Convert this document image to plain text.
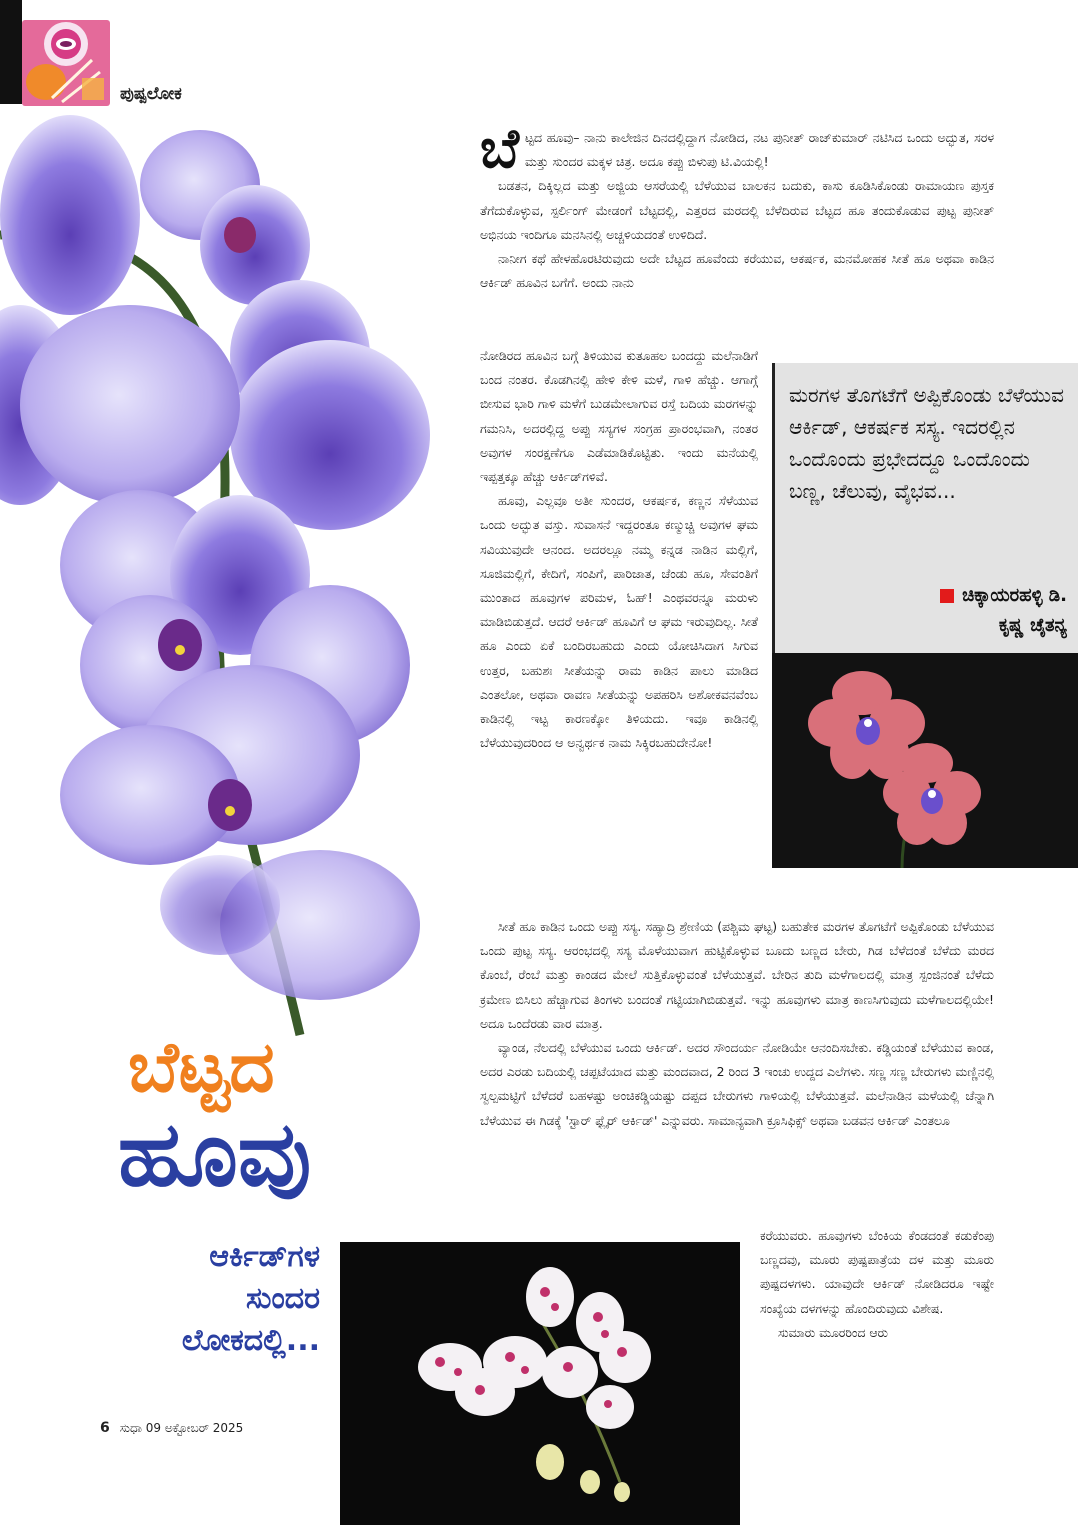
ಪುಷ್ಪಲೋಕ
ಬೆಟ್ಟದ
ಹೂವು
ಆರ್ಕಿಡ್‌ಗಳ
ಸುಂದರ
ಲೋಕದಲ್ಲಿ...

ಬೆಟ್ಟದ ಹೂವು– ನಾನು ಕಾಲೇಜಿನ ದಿನದಲ್ಲಿದ್ದಾಗ ನೋಡಿದ, ನಟ ಪುನೀತ್ ರಾಜ್‌ಕುಮಾರ್ ನಟಿಸಿದ ಒಂದು ಅದ್ಭುತ, ಸರಳ ಮತ್ತು ಸುಂದರ ಮಕ್ಕಳ ಚಿತ್ರ. ಅದೂ ಕಪ್ಪು ಬಿಳುಪು ಟಿ.ವಿಯಲ್ಲಿ!

ಬಡತನ, ದಿಕ್ಕಿಲ್ಲದ ಮತ್ತು ಅಜ್ಜಿಯ ಆಸರೆಯಲ್ಲಿ ಬೆಳೆಯುವ ಬಾಲಕನ ಬದುಕು, ಕಾಸು ಕೂಡಿಸಿಕೊಂಡು ರಾಮಾಯಣ ಪುಸ್ತಕ ತೆಗೆದುಕೊಳ್ಳುವ, ಸ್ಪರ್ಲಿಂಗ್ ಮೇಡಂಗೆ ಬೆಟ್ಟದಲ್ಲಿ, ಎತ್ತರದ ಮರದಲ್ಲಿ ಬೆಳೆದಿರುವ ಬೆಟ್ಟದ ಹೂ ತಂದುಕೊಡುವ ಪುಟ್ಟ ಪುನೀತ್ ಅಭಿನಯ ಇಂದಿಗೂ ಮನಸಿನಲ್ಲಿ ಅಚ್ಚಳಿಯದಂತೆ ಉಳಿದಿದೆ.

ನಾನೀಗ ಕಥೆ ಹೇಳಹೊರಟಿರುವುದು ಅದೇ ಬೆಟ್ಟದ ಹೂವೆಂದು ಕರೆಯುವ, ಆಕರ್ಷಕ, ಮನಮೋಹಕ ಸೀತೆ ಹೂ ಅಥವಾ ಕಾಡಿನ ಆರ್ಕಿಡ್ ಹೂವಿನ ಬಗೆಗೆ. ಅಂದು ನಾನು

ನೋಡಿರದ ಹೂವಿನ ಬಗ್ಗೆ ತಿಳಿಯುವ ಕುತೂಹಲ ಬಂದದ್ದು ಮಲೆನಾಡಿಗೆ ಬಂದ ನಂತರ. ಕೊಡಗಿನಲ್ಲಿ ಹೇಳಿ ಕೇಳಿ ಮಳೆ, ಗಾಳಿ ಹೆಚ್ಚು. ಆಗಾಗ್ಗೆ ಬೀಸುವ ಭಾರಿ ಗಾಳಿ ಮಳೆಗೆ ಬುಡಮೇಲಾಗುವ ರಸ್ತೆ ಬದಿಯ ಮರಗಳನ್ನು ಗಮನಿಸಿ, ಅದರಲ್ಲಿದ್ದ ಅಪ್ಪು ಸಸ್ಯಗಳ ಸಂಗ್ರಹ ಪ್ರಾರಂಭವಾಗಿ, ನಂತರ ಅವುಗಳ ಸಂರಕ್ಷಣೆಗೂ ಎಡೆಮಾಡಿಕೊಟ್ಟಿತು. ಇಂದು ಮನೆಯಲ್ಲಿ ಇಪ್ಪತ್ತಕ್ಕೂ ಹೆಚ್ಚು ಆರ್ಕಿಡ್‌ಗಳಿವೆ.

ಹೂವು, ಎಲ್ಲವೂ ಅತೀ ಸುಂದರ, ಆಕರ್ಷಕ, ಕಣ್ಣನ ಸೆಳೆಯುವ ಒಂದು ಅದ್ಭುತ ವಸ್ತು. ಸುವಾಸನೆ ಇದ್ದರಂತೂ ಕಣ್ಮುಚ್ಚಿ ಅವುಗಳ ಘಮ ಸವಿಯುವುದೇ ಆನಂದ. ಅದರಲ್ಲೂ ನಮ್ಮ ಕನ್ನಡ ನಾಡಿನ ಮಲ್ಲಿಗೆ, ಸೂಜಿಮಲ್ಲಿಗೆ, ಕೇದಿಗೆ, ಸಂಪಿಗೆ, ಪಾರಿಜಾತ, ಚೆಂಡು ಹೂ, ಸೇವಂತಿಗೆ ಮುಂತಾದ ಹೂವುಗಳ ಪರಿಮಳ, ಓಹ್! ಎಂಥವರನ್ನೂ ಮರುಳು ಮಾಡಿಬಿಡುತ್ತದೆ. ಆದರೆ ಆರ್ಕಿಡ್ ಹೂವಿಗೆ ಆ ಘಮ ಇರುವುದಿಲ್ಲ. ಸೀತೆ ಹೂ ಎಂದು ಏಕೆ ಬಂದಿರಬಹುದು ಎಂದು ಯೋಚಿಸಿದಾಗ ಸಿಗುವ ಉತ್ತರ, ಬಹುಶಃ ಸೀತೆಯನ್ನು ರಾಮ ಕಾಡಿನ ಪಾಲು ಮಾಡಿದ ಎಂತಲೋ, ಅಥವಾ ರಾವಣ ಸೀತೆಯನ್ನು ಅಪಹರಿಸಿ ಅಶೋಕವನವೆಂಬ ಕಾಡಿನಲ್ಲಿ ಇಟ್ಟ ಕಾರಣಕ್ಕೋ ತಿಳಿಯದು. ಇವೂ ಕಾಡಿನಲ್ಲಿ ಬೆಳೆಯುವುದರಿಂದ ಆ ಅನ್ವರ್ಥಕ ನಾಮ ಸಿಕ್ಕಿರಬಹುದೇನೋ!

ಸೀತೆ ಹೂ ಕಾಡಿನ ಒಂದು ಅಪ್ಪು ಸಸ್ಯ. ಸಹ್ಯಾದ್ರಿ ಶ್ರೇಣಿಯ (ಪಶ್ಚಿಮ ಘಟ್ಟ) ಬಹುತೇಕ ಮರಗಳ ತೊಗಟೆಗೆ ಅಪ್ಪಿಕೊಂಡು ಬೆಳೆಯುವ ಒಂದು ಪುಟ್ಟ ಸಸ್ಯ. ಆರಂಭದಲ್ಲಿ ಸಸ್ಯ ಮೊಳೆಯುವಾಗ ಹುಟ್ಟಿಕೊಳ್ಳುವ ಬೂದು ಬಣ್ಣದ ಬೇರು, ಗಿಡ ಬೆಳೆದಂತೆ ಬೆಳೆದು ಮರದ ಕೊಂಬೆ, ರೆಂಬೆ ಮತ್ತು ಕಾಂಡದ ಮೇಲೆ ಸುತ್ತಿಕೊಳ್ಳುವಂತೆ ಬೆಳೆಯುತ್ತವೆ. ಬೇರಿನ ತುದಿ ಮಳೆಗಾಲದಲ್ಲಿ ಮಾತ್ರ ಸ್ಪಂಜಿನಂತೆ ಬೆಳೆದು ಕ್ರಮೇಣ ಬಿಸಿಲು ಹೆಚ್ಚಾಗುವ ತಿಂಗಳು ಬಂದಂತೆ ಗಟ್ಟಿಯಾಗಿಬಿಡುತ್ತವೆ. ಇನ್ನು ಹೂವುಗಳು ಮಾತ್ರ ಕಾಣಸಿಗುವುದು ಮಳೆಗಾಲದಲ್ಲಿಯೇ! ಅದೂ ಒಂದೆರಡು ವಾರ ಮಾತ್ರ.

ವ್ಯಾಂಡ, ನೆಲದಲ್ಲಿ ಬೆಳೆಯುವ ಒಂದು ಆರ್ಕಿಡ್. ಅದರ ಸೌಂದರ್ಯ ನೋಡಿಯೇ ಆನಂದಿಸಬೇಕು. ಕಡ್ಡಿಯಂತೆ ಬೆಳೆಯುವ ಕಾಂಡ, ಅದರ ಎರಡು ಬದಿಯಲ್ಲಿ ಚಪ್ಪಟೆಯಾದ ಮತ್ತು ಮಂದವಾದ, 2 ರಿಂದ 3 ಇಂಚು ಉದ್ದದ ಎಲೆಗಳು. ಸಣ್ಣ ಸಣ್ಣ ಬೇರುಗಳು ಮಣ್ಣಿನಲ್ಲಿ ಸ್ವಲ್ಪಮಟ್ಟಿಗೆ ಬೆಳೆದರೆ ಬಹಳಷ್ಟು ಅಂಚಿಕಡ್ಡಿಯಷ್ಟು ದಪ್ಪದ ಬೇರುಗಳು ಗಾಳಿಯಲ್ಲಿ ಬೆಳೆಯುತ್ತವೆ. ಮಲೆನಾಡಿನ ಮಳೆಯಲ್ಲಿ ಚೆನ್ನಾಗಿ ಬೆಳೆಯುವ ಈ ಗಿಡಕ್ಕೆ 'ಸ್ಟಾರ್ ಫ್ಲೈರ್ ಆರ್ಕಿಡ್' ಎನ್ನುವರು. ಸಾಮಾನ್ಯವಾಗಿ ಕ್ರೂಸಿಫಿಕ್ಸ್ ಅಥವಾ ಬಡವನ ಆರ್ಕಿಡ್ ಎಂತಲೂ

ಕರೆಯುವರು. ಹೂವುಗಳು ಬೆಂಕಿಯ ಕೆಂಡದಂತೆ ಕಡುಕೆಂಪು ಬಣ್ಣದವು, ಮೂರು ಪುಷ್ಪಪಾತ್ರೆಯ ದಳ ಮತ್ತು ಮೂರು ಪುಷ್ಪದಳಗಳು. ಯಾವುದೇ ಆರ್ಕಿಡ್ ನೋಡಿದರೂ ಇಷ್ಟೇ ಸಂಖ್ಯೆಯ ದಳಗಳನ್ನು ಹೊಂದಿರುವುದು ವಿಶೇಷ.

ಸುಮಾರು ಮೂರರಿಂದ ಆರು

ಮರಗಳ ತೊಗಟೆಗೆ ಅಪ್ಪಿಕೊಂಡು ಬೆಳೆಯುವ ಆರ್ಕಿಡ್, ಆಕರ್ಷಕ ಸಸ್ಯ. ಇದರಲ್ಲಿನ ಒಂದೊಂದು ಪ್ರಭೇದದ್ದೂ ಒಂದೊಂದು ಬಣ್ಣ, ಚೆಲುವು, ವೈಭವ...
ಚಿಕ್ಕಾಯರಹಳ್ಳಿ ಡಿ.
ಕೃಷ್ಣ ಚೈತನ್ಯ
6 ಸುಧಾ 09 ಅಕ್ಟೋಬರ್ 2025
